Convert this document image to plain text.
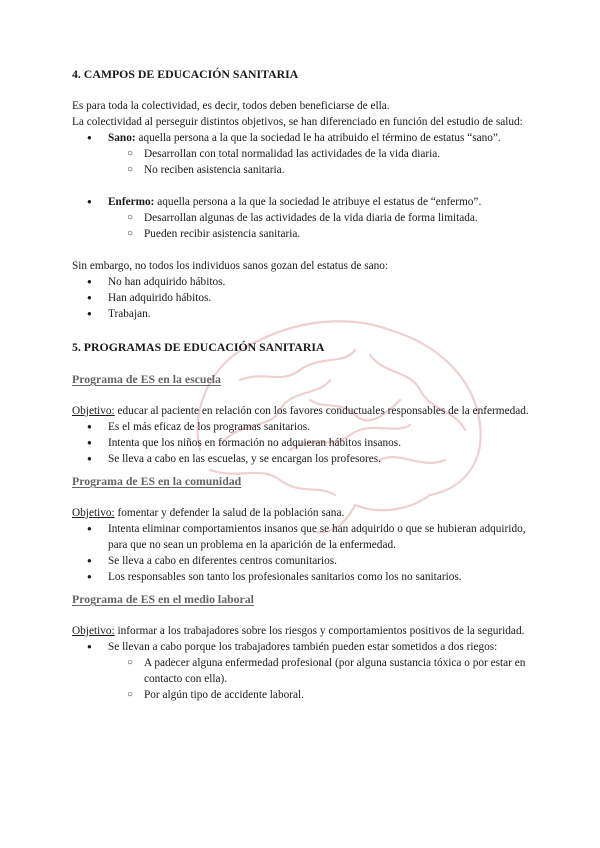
4. CAMPOS DE EDUCACIÓN SANITARIA

Es para toda la colectividad, es decir, todos deben beneficiarse de ella.

La colectividad al perseguir distintos objetivos, se han diferenciado en función del estudio de salud:

● Sano: aquella persona a la que la sociedad le ha atribuido el término de estatus “sano”.
○ Desarrollan con total normalidad las actividades de la vida diaria.
○ No reciben asistencia sanitaria.
● Enfermo: aquella persona a la que la sociedad le atribuye el estatus de “enfermo”.
○ Desarrollan algunas de las actividades de la vida diaria de forma limitada.
○ Pueden recibir asistencia sanitaria.

Sin embargo, no todos los individuos sanos gozan del estatus de sano:

● No han adquirido hábitos.
● Han adquirido hábitos.
● Trabajan.
5. PROGRAMAS DE EDUCACIÓN SANITARIA
Programa de ES en la escuela

Objetivo: educar al paciente en relación con los favores conductuales responsables de la enfermedad.

● Es el más eficaz de los programas sanitarios.
● Intenta que los niños en formación no adquieran hábitos insanos.
● Se lleva a cabo en las escuelas, y se encargan los profesores.
Programa de ES en la comunidad

Objetivo: fomentar y defender la salud de la población sana.

● Intenta eliminar comportamientos insanos que se han adquirido o que se hubieran adquirido, para que no sean un problema en la aparición de la enfermedad.
● Se lleva a cabo en diferentes centros comunitarios.
● Los responsables son tanto los profesionales sanitarios como los no sanitarios.
Programa de ES en el medio laboral

Objetivo: informar a los trabajadores sobre los riesgos y comportamientos positivos de la seguridad.

● Se llevan a cabo porque los trabajadores también pueden estar sometidos a dos riegos:
○ A padecer alguna enfermedad profesional (por alguna sustancia tóxica o por estar en contacto con ella).
○ Por algún tipo de accidente laboral.
